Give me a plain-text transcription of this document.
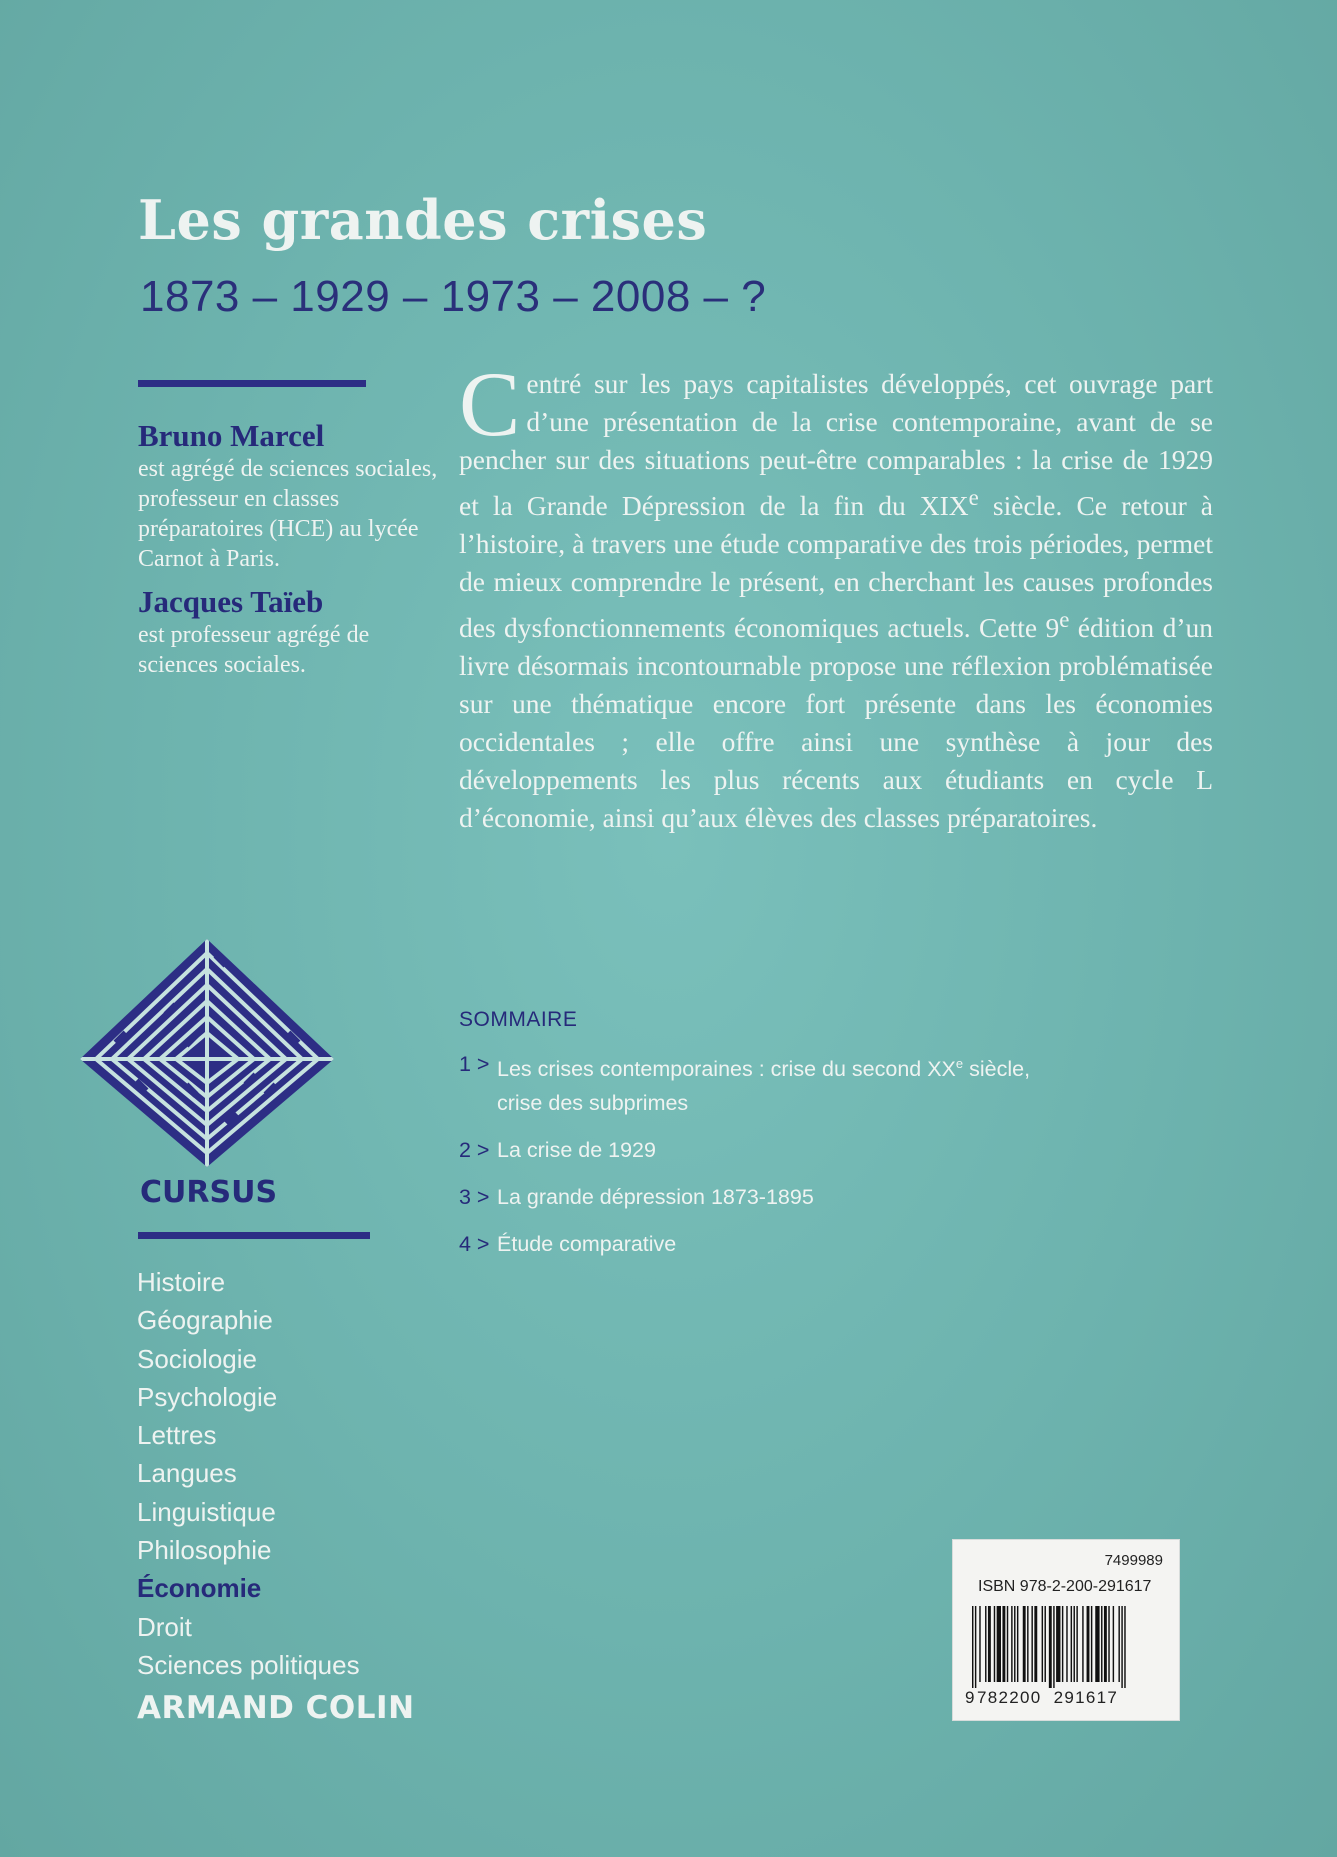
Les grandes crises
1873 – 1929 – 1973 – 2008 – ?
Bruno Marcel
est agrégé de sciences sociales, professeur en classes préparatoires (HCE) au lycée Carnot à Paris.
Jacques Taïeb
est professeur agrégé de sciences sociales.

Centré sur les pays capitalistes développés, cet ouvrage part d’une présentation de la crise contemporaine, avant de se pencher sur des situations peut-être comparables : la crise de 1929 et la Grande Dépression de la fin du XIXe siècle. Ce retour à l’histoire, à travers une étude comparative des trois périodes, permet de mieux comprendre le présent, en cherchant les causes profondes des dysfonctionnements économiques actuels. Cette 9e édition d’un livre désormais incontournable propose une réflexion problématisée sur une thématique encore fort présente dans les économies occidentales ; elle offre ainsi une synthèse à jour des développements les plus récents aux étudiants en cycle L d’économie, ainsi qu’aux élèves des classes préparatoires.

SOMMAIRE
1 > Les crises contemporaines : crise du second XXe siècle,
crise des subprimes
2 > La crise de 1929
3 > La grande dépression 1873-1895
4 > Étude comparative
CURSUS
Histoire
Géographie
Sociologie
Psychologie
Lettres
Langues
Linguistique
Philosophie
Économie
Droit
Sciences politiques
ARMAND COLIN
7499989
ISBN 978-2-200-291617
9 782200 291617
